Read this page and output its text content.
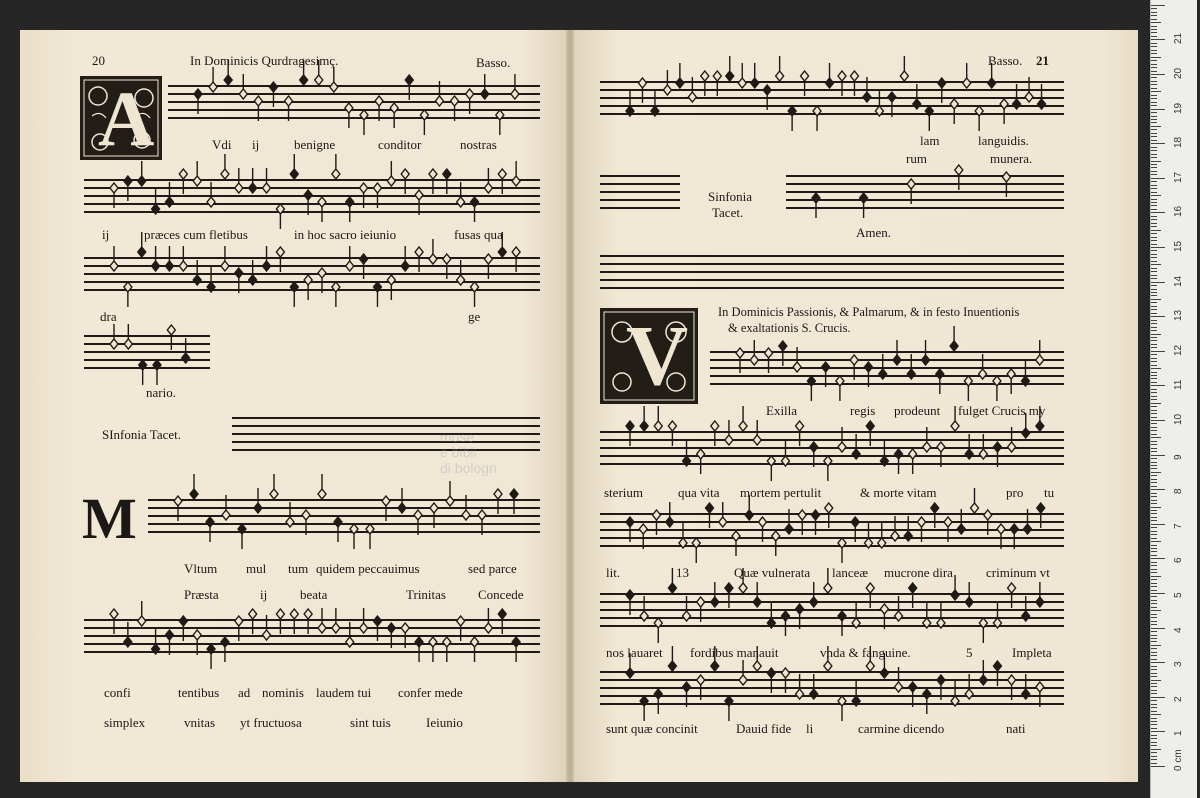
A
M
V
20	In Dominicis Qurdragesimç.	Basso.
Vdi ij	benigne	conditor	nostras
ij	præces cum fletibus	in hoc sacro ieiunio	fusas qua
dra	ge
nario.
SInfonia Tacet.
Vltum mul tum quidem peccauimus	sed parce
Præsta	ij	beata	Trinitas Concede
confi	tentibus ad nominis laudem tui confer mede
simplex	vnitas yt fructuosa	sint tuis	Ieiunio
Basso. 21
lam	languidis.
rum	munera.
Sinfonia
Tacet.
Amen.
In Dominicis Passionis, & Palmarum, & in festo Inuentionis
& exaltationis S. Crucis.
Exilla	regis prodeunt fulget Crucis my
sterium	qua vita mortem pertulit	& morte vitam	pro tu
lit.	13	Quæ vulnerata lanceæ mucrone dira	criminum vt
nos lauaret fordibus manauit	vnda & fanguine.	5	Impleta
sunt quæ concinit	Dauid fide li	carmine dicendo	nati
muse
e bibli
di bologn
0 cm
1
2
3
4
5
6
7
8
9
10
11
12
13
14
15
16
17
18
19
20
21
